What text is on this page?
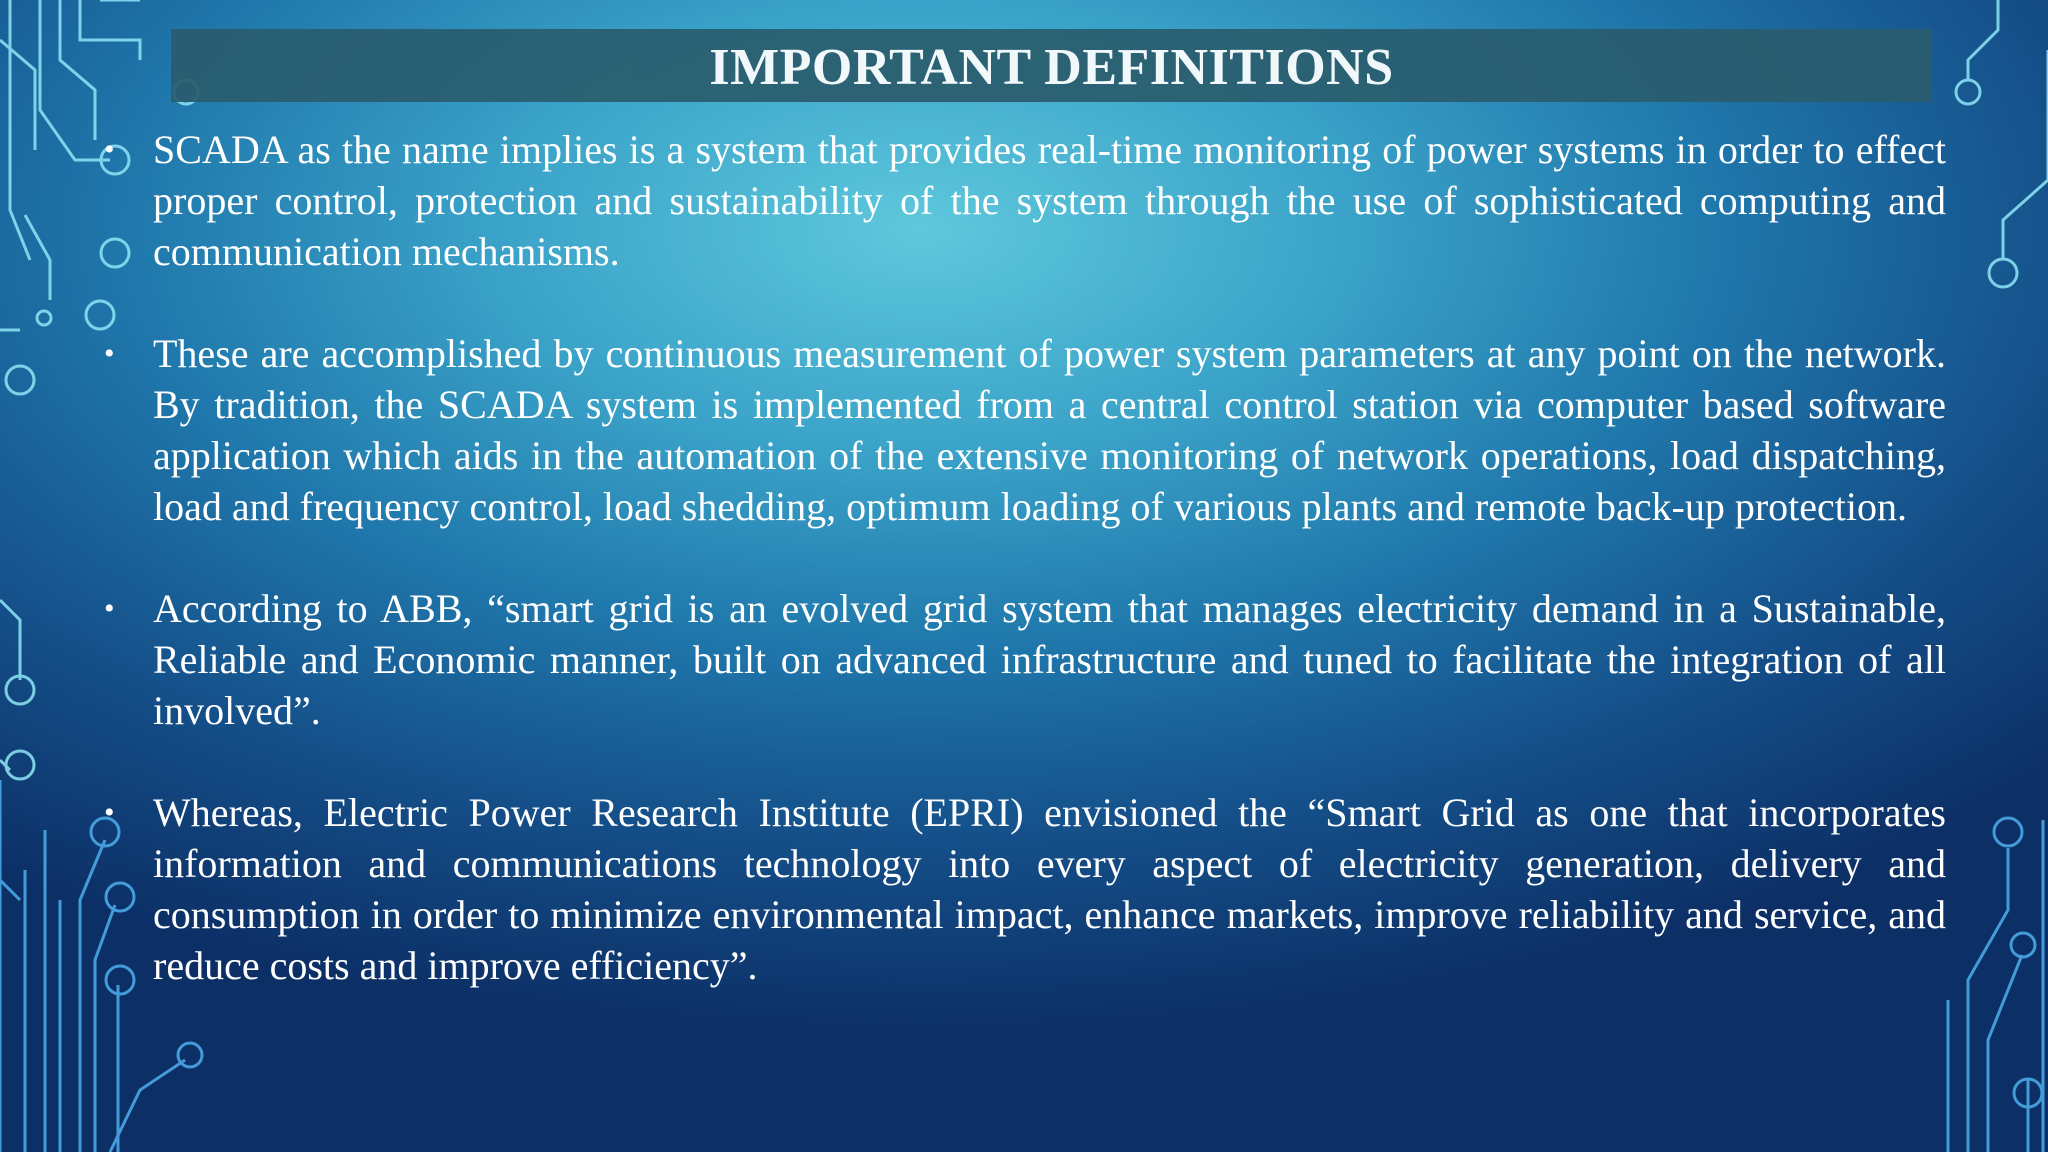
IMPORTANT DEFINITIONS
• SCADA as the name implies is a system that provides real-time monitoring of power systems in order to effect proper control, protection and sustainability of the system through the use of sophisticated computing and communication mechanisms.
• These are accomplished by continuous measurement of power system parameters at any point on the network. By tradition, the SCADA system is implemented from a central control station via computer based software application which aids in the automation of the extensive monitoring of network operations, load dispatching, load and frequency control, load shedding, optimum loading of various plants and remote back-up protection.
• According to ABB, “smart grid is an evolved grid system that manages electricity demand in a Sustainable, Reliable and Economic manner, built on advanced infrastructure and tuned to facilitate the integration of all involved”.
• Whereas, Electric Power Research Institute (EPRI) envisioned the “Smart Grid as one that incorporates information and communications technology into every aspect of electricity generation, delivery and consumption in order to minimize environmental impact, enhance markets, improve reliability and service, and reduce costs and improve efficiency”.
